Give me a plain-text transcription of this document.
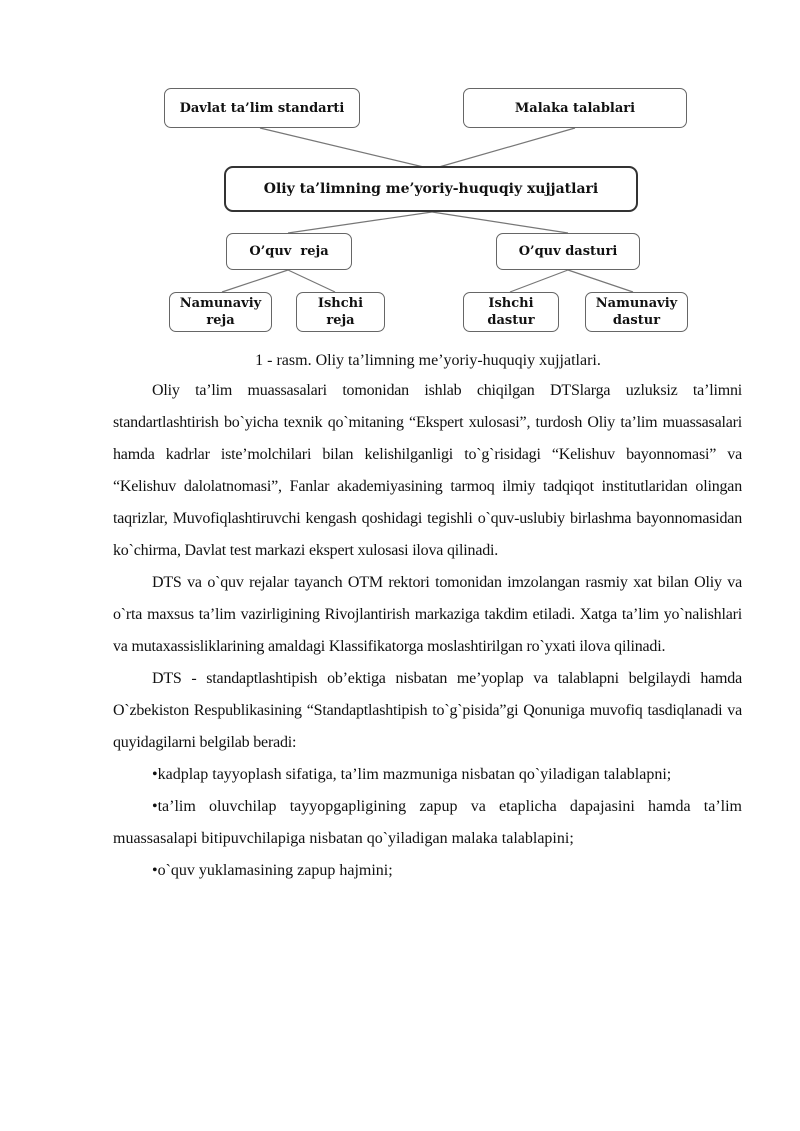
Davlat ta’lim standarti	Malaka talablari
Oliy ta’limning me’yoriy-huquqiy xujjatlari
O’quv  reja	O’quv dasturi
Namunaviy
reja
Ishchi
reja
Ishchi
dastur
Namunaviy
dastur
1 - rasm. Oliy ta’limning me’yoriy-huquqiy xujjatlari.

Oliy ta’lim muassasalari tomonidan ishlab chiqilgan DTSlarga uzluksiz ta’limni standartlashtirish bo`yicha texnik qo`mitaning “Ekspert xulosasi”, turdosh Oliy ta’lim muassasalari hamda kadrlar iste’molchilari bilan kelishilganligi to`g`risidagi “Kelishuv bayonnomasi” va “Kelishuv dalolatnomasi”, Fanlar akademiyasining tarmoq ilmiy tadqiqot institutlaridan olingan taqrizlar, Muvofiqlashtiruvchi kengash qoshidagi tegishli o`quv-uslubiy birlashma bayonnomasidan ko`chirma, Davlat test markazi ekspert xulosasi ilova qilinadi.

DTS va o`quv rejalar tayanch OTM rektori tomonidan imzolangan rasmiy xat bilan Oliy va o`rta maxsus ta’lim vazirligining Rivojlantirish markaziga takdim etiladi. Xatga ta’lim yo`nalishlari va mutaxassisliklarining amaldagi Klassifikatorga moslashtirilgan ro`yxati ilova qilinadi.

DTS - standaptlashtipish ob’ektiga nisbatan me’yoplap va talablapni belgilaydi hamda O`zbekiston Respublikasining “Standaptlashtipish to`g`pisida”gi Qonuniga muvofiq tasdiqlanadi va quyidagilarni belgilab beradi:

•kadplap tayyoplash sifatiga, ta’lim mazmuniga nisbatan qo`yiladigan talablapni;

•ta’lim oluvchilap tayyopgapligining zapup va etaplicha dapajasini hamda ta’lim muassasalapi bitipuvchilapiga nisbatan qo`yiladigan malaka talablapini;

•o`quv yuklamasining zapup hajmini;
